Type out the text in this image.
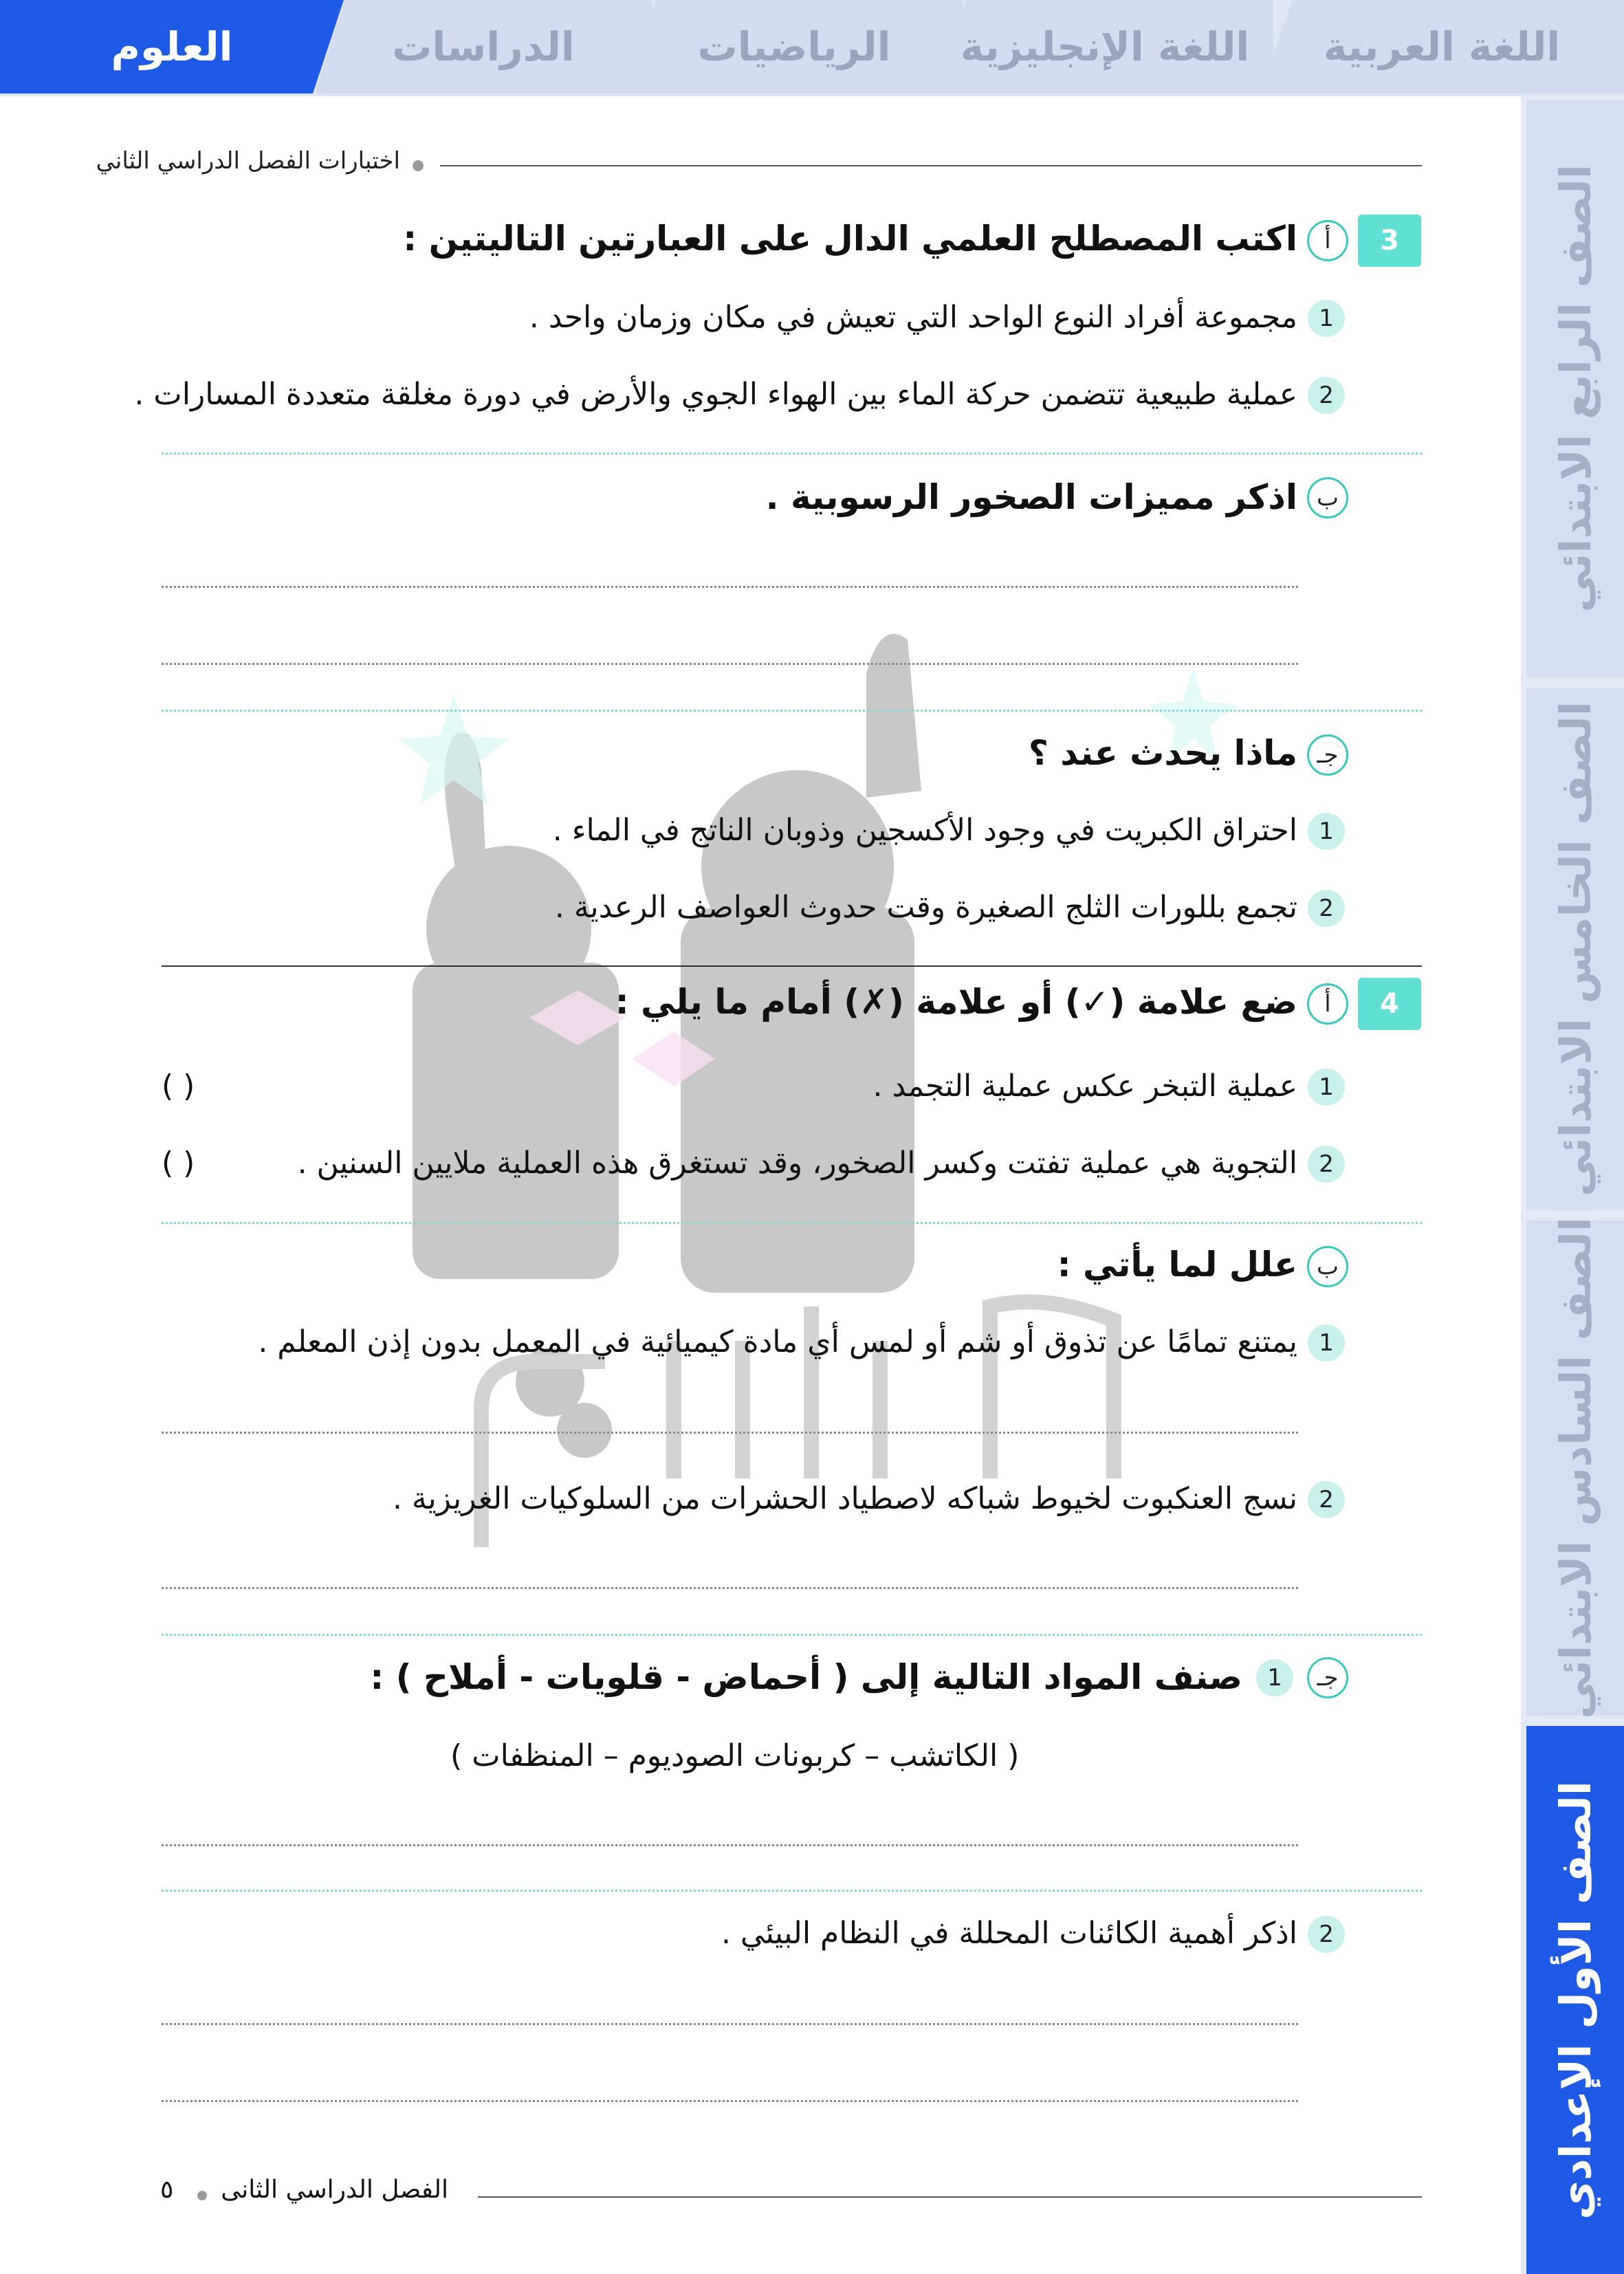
العلوم	الدراسات	الرياضيات اللغة الإنجليزية اللغة العربية
الصف الرابع الابتدائي
الصف الخامس الابتدائي
الصف السادس الابتدائي
الصف الأول الإعدادي
اختبارات الفصل الدراسي الثاني
3
أ
اكتب المصطلح العلمي الدال على العبارتين التاليتين :
1
مجموعة أفراد النوع الواحد التي تعيش في مكان وزمان واحد .
2
عملية طبيعية تتضمن حركة الماء بين الهواء الجوي والأرض في دورة مغلقة متعددة المسارات .
ب
اذكر مميزات الصخور الرسوبية .
جـ
ماذا يحدث عند ؟
1
احتراق الكبريت في وجود الأكسجين وذوبان الناتج في الماء .
2
تجمع بللورات الثلج الصغيرة وقت حدوث العواصف الرعدية .
4
أ
ضع علامة (✓) أو علامة (✗) أمام ما يلي :
1
عملية التبخر عكس عملية التجمد .
( )
2
التجوية هي عملية تفتت وكسر الصخور، وقد تستغرق هذه العملية ملايين السنين .
( )
ب
علل لما يأتي :
1
يمتنع تمامًا عن تذوق أو شم أو لمس أي مادة كيميائية في المعمل بدون إذن المعلم .
2
نسج العنكبوت لخيوط شباكه لاصطياد الحشرات من السلوكيات الغريزية .
جـ
1
صنف المواد التالية إلى ( أحماض - قلويات - أملاح ) :
( الكاتشب – كربونات الصوديوم – المنظفات )
2
اذكر أهمية الكائنات المحللة في النظام البيئي .
الفصل الدراسي الثانى
٥
